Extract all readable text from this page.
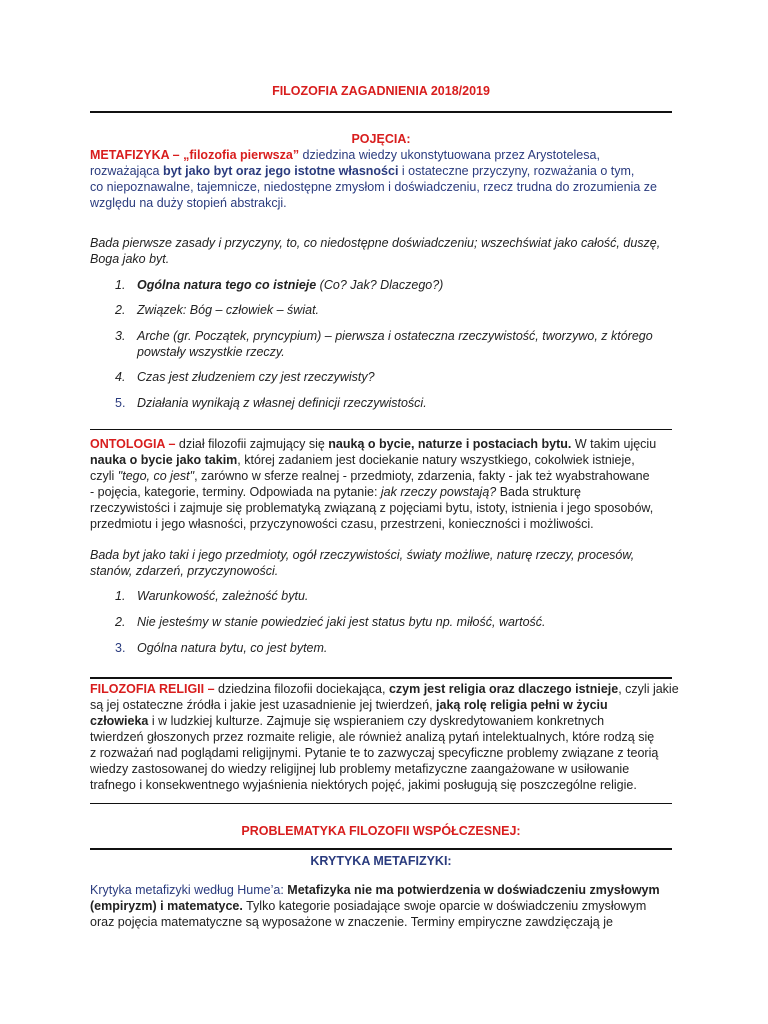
FILOZOFIA ZAGADNIENIA 2018/2019
POJĘCIA:
METAFIZYKA – „filozofia pierwsza” dziedzina wiedzy ukonstytuowana przez Arystotelesa,
rozważająca byt jako byt oraz jego istotne własności i ostateczne przyczyny, rozważania o tym,
co niepoznawalne, tajemnicze, niedostępne zmysłom i doświadczeniu, rzecz trudna do zrozumienia ze
względu na duży stopień abstrakcji.
Bada pierwsze zasady i przyczyny, to, co niedostępne doświadczeniu; wszechświat jako całość, duszę,
Boga jako byt.
1. Ogólna natura tego co istnieje (Co? Jak? Dlaczego?)
2. Związek: Bóg – człowiek – świat.
3. Arche (gr. Początek, pryncypium) – pierwsza i ostateczna rzeczywistość, tworzywo, z którego
powstały wszystkie rzeczy.
4. Czas jest złudzeniem czy jest rzeczywisty?
5. Działania wynikają z własnej definicji rzeczywistości.
ONTOLOGIA – dział filozofii zajmujący się nauką o bycie, naturze i postaciach bytu. W takim ujęciu
nauka o bycie jako takim, której zadaniem jest dociekanie natury wszystkiego, cokolwiek istnieje,
czyli "tego, co jest", zarówno w sferze realnej - przedmioty, zdarzenia, fakty - jak też wyabstrahowane
- pojęcia, kategorie, terminy. Odpowiada na pytanie: jak rzeczy powstają? Bada strukturę
rzeczywistości i zajmuje się problematyką związaną z pojęciami bytu, istoty, istnienia i jego sposobów,
przedmiotu i jego własności, przyczynowości czasu, przestrzeni, konieczności i możliwości.
Bada byt jako taki i jego przedmioty, ogół rzeczywistości, światy możliwe, naturę rzeczy, procesów,
stanów, zdarzeń, przyczynowości.
1. Warunkowość, zależność bytu.
2. Nie jesteśmy w stanie powiedzieć jaki jest status bytu np. miłość, wartość.
3. Ogólna natura bytu, co jest bytem.
FILOZOFIA RELIGII – dziedzina filozofii dociekająca, czym jest religia oraz dlaczego istnieje, czyli jakie
są jej ostateczne źródła i jakie jest uzasadnienie jej twierdzeń, jaką rolę religia pełni w życiu
człowieka i w ludzkiej kulturze. Zajmuje się wspieraniem czy dyskredytowaniem konkretnych
twierdzeń głoszonych przez rozmaite religie, ale również analizą pytań intelektualnych, które rodzą się
z rozważań nad poglądami religijnymi. Pytanie te to zazwyczaj specyficzne problemy związane z teorią
wiedzy zastosowanej do wiedzy religijnej lub problemy metafizyczne zaangażowane w usiłowanie
trafnego i konsekwentnego wyjaśnienia niektórych pojęć, jakimi posługują się poszczególne religie.
PROBLEMATYKA FILOZOFII WSPÓŁCZESNEJ:
KRYTYKA METAFIZYKI:
Krytyka metafizyki według Hume’a: Metafizyka nie ma potwierdzenia w doświadczeniu zmysłowym
(empiryzm) i matematyce. Tylko kategorie posiadające swoje oparcie w doświadczeniu zmysłowym
oraz pojęcia matematyczne są wyposażone w znaczenie. Terminy empiryczne zawdzięczają je
